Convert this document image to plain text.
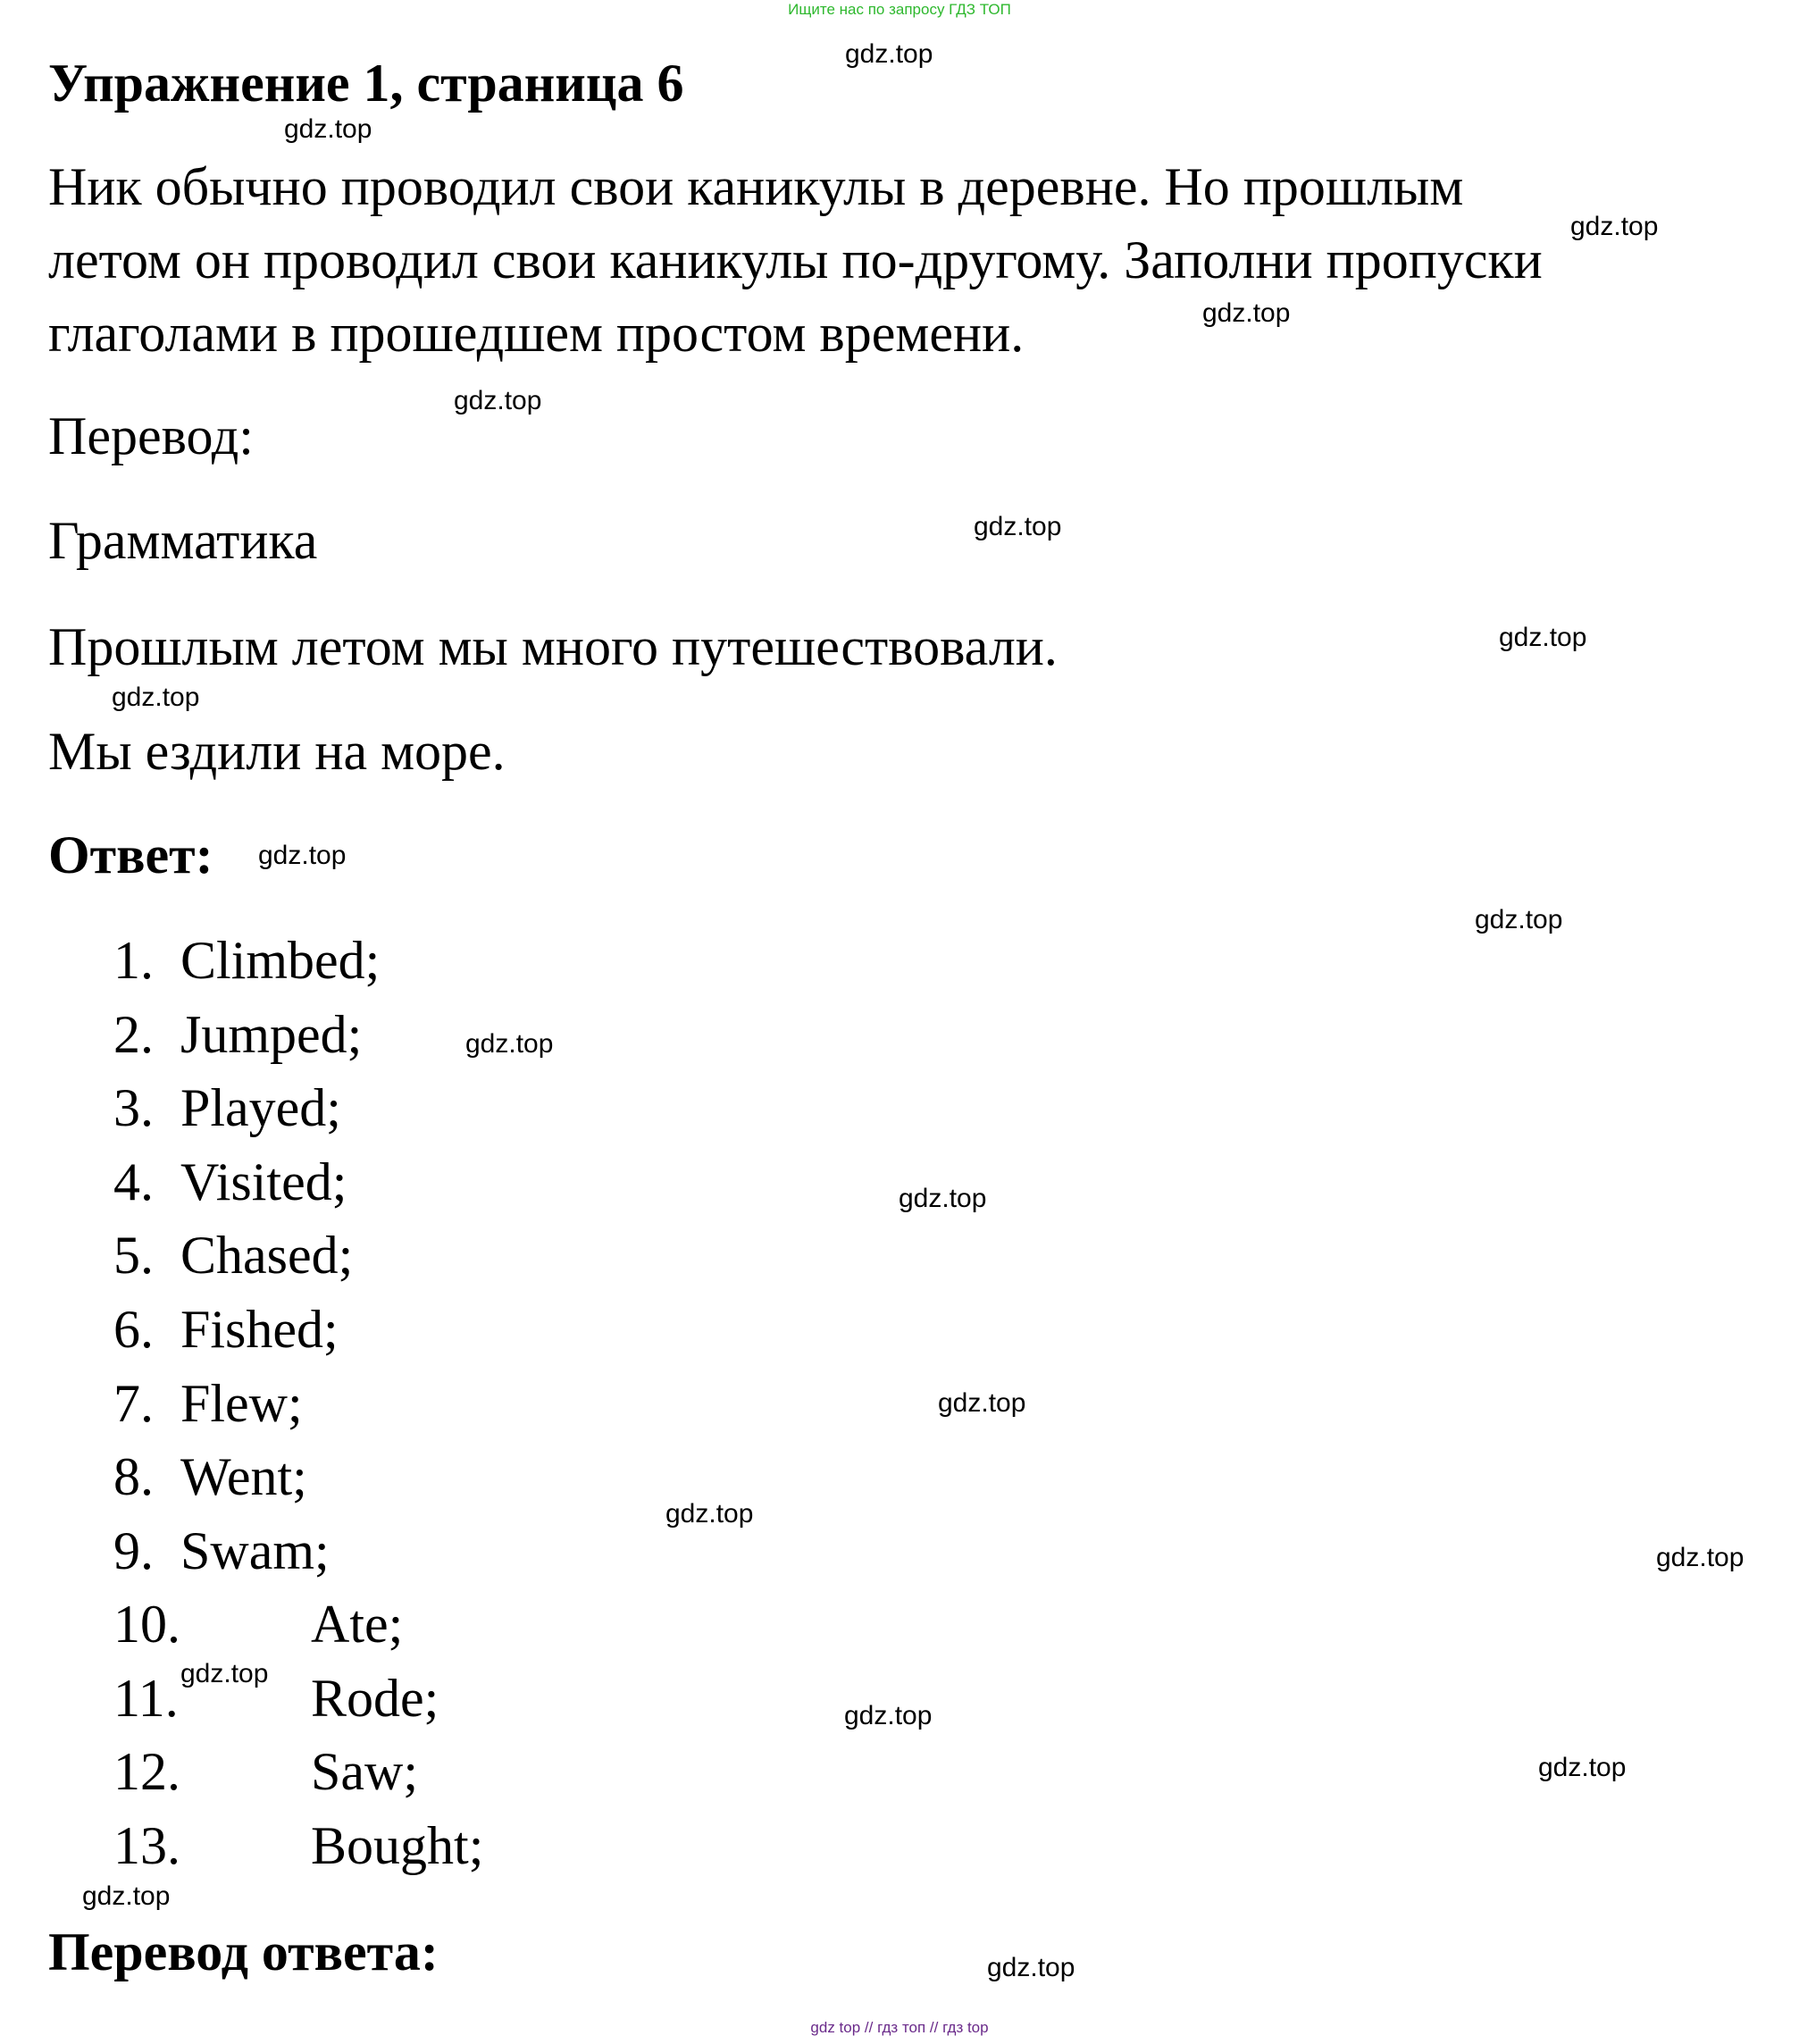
Ищите нас по запросу ГДЗ ТОП
Упражнение 1, страница 6
Ник обычно проводил свои каникулы в деревне. Но прошлым
летом он проводил свои каникулы по-другому. Заполни пропуски
глаголами в прошедшем простом времени.
Перевод:
Грамматика
Прошлым летом мы много путешествовали.
Мы ездили на море.
Ответ:
1. Climbed;
2. Jumped;
3. Played;
4. Visited;
5. Chased;
6. Fished;
7. Flew;
8. Went;
9. Swam;
10. Ate;
11. Rode;
12. Saw;
13. Bought;
Перевод ответа:
gdz.top
gdz.top
gdz.top
gdz.top
gdz.top
gdz.top
gdz.top
gdz.top
gdz.top
gdz.top
gdz.top
gdz.top
gdz.top
gdz.top
gdz.top
gdz.top
gdz.top
gdz.top
gdz.top
gdz.top
gdz top // гдз топ // гдз top
